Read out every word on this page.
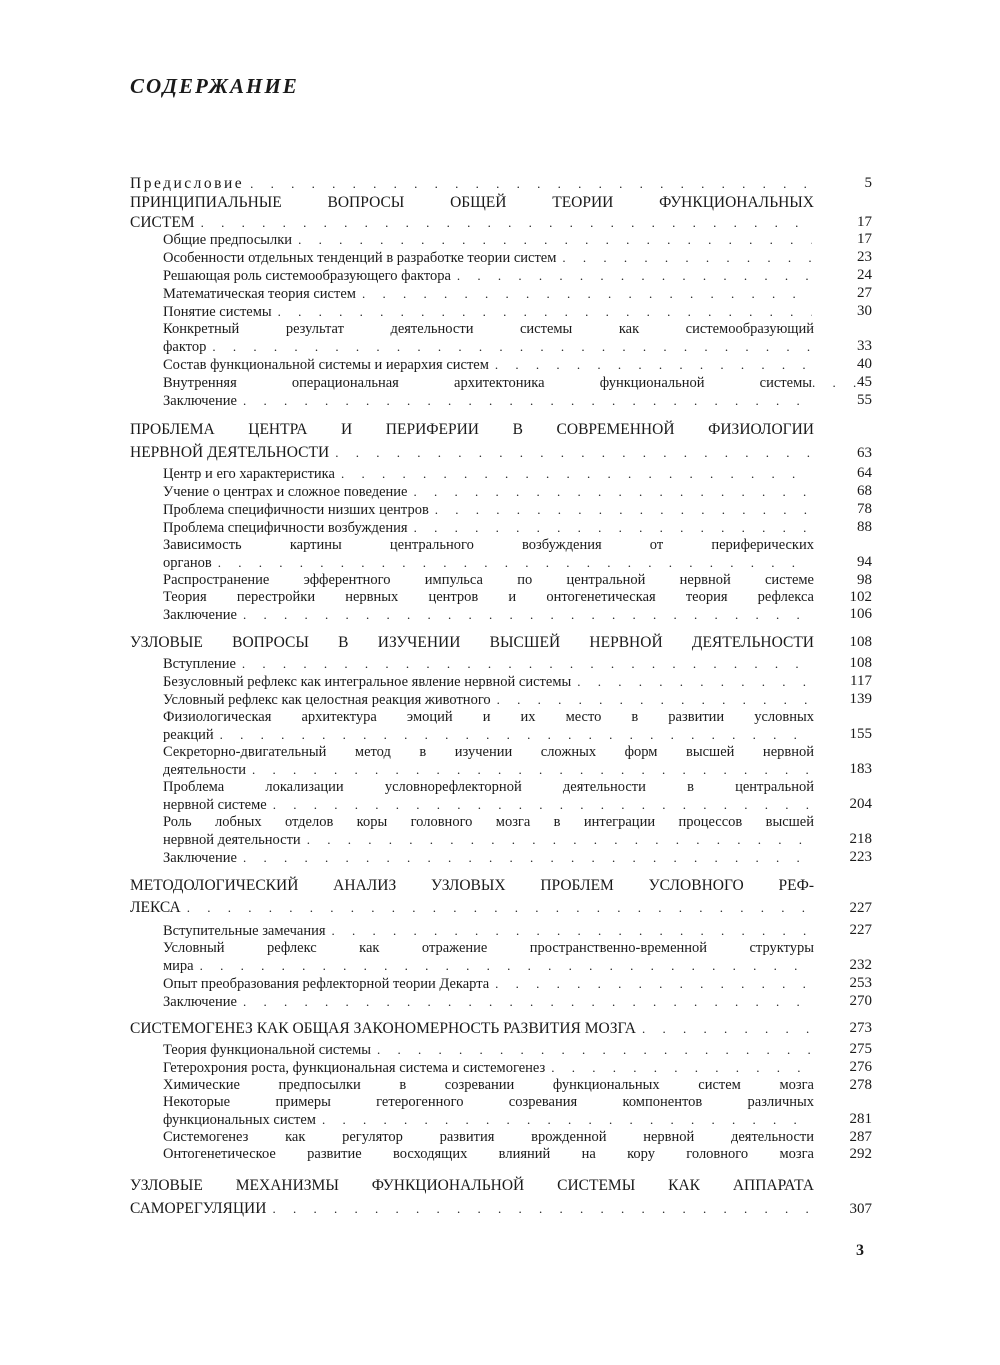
СОДЕРЖАНИЕ
Предисловие . . .	5
ПРИНЦИПИАЛЬНЫЕ ВОПРОСЫ ОБЩЕЙ ТЕОРИИ ФУНКЦИОНАЛЬНЫХ
СИСТЕМ . . .	17
Общие предпосылки . . .	17
Особенности отдельных тенденций в разработке теории систем . . .	23
Решающая роль системообразующего фактора . . .	24
Математическая теория систем . . .	27
Понятие системы . . .	30
Конкретный результат деятельности системы как системообразующий
фактор . . .	33
Состав функциональной системы и иерархия систем . . .	40
Внутренняя операциональная архитектоника функциональной системы . . .	45
Заключение . . .	55
ПРОБЛЕМА ЦЕНТРА И ПЕРИФЕРИИ В СОВРЕМЕННОЙ ФИЗИОЛОГИИ
НЕРВНОЙ ДЕЯТЕЛЬНОСТИ . . .	63
Центр и его характеристика . . .	64
Учение о центрах и сложное поведение . . .	68
Проблема специфичности низших центров . . .	78
Проблема специфичности возбуждения . . .	88
Зависимость картины центрального возбуждения от периферических
органов . . .	94
Распространение эфферентного импульса по центральной нервной системе	98
Теория перестройки нервных центров и онтогенетическая теория рефлекса	102
Заключение . . .	106
УЗЛОВЫЕ ВОПРОСЫ В ИЗУЧЕНИИ ВЫСШЕЙ НЕРВНОЙ ДЕЯТЕЛЬНОСТИ	108
Вступление . . .	108
Безусловный рефлекс как интегральное явление нервной системы . . .	117
Условный рефлекс как целостная реакция животного . . .	139
Физиологическая архитектура эмоций и их место в развитии условных
реакций . . .	155
Секреторно-двигательный метод в изучении сложных форм высшей нервной
деятельности . . .	183
Проблема локализации условнорефлекторной деятельности в центральной
нервной системе . . .	204
Роль лобных отделов коры головного мозга в интеграции процессов высшей
нервной деятельности . . .	218
Заключение . . .	223
МЕТОДОЛОГИЧЕСКИЙ АНАЛИЗ УЗЛОВЫХ ПРОБЛЕМ УСЛОВНОГО РЕФ-
ЛЕКСА . . .	227
Вступительные замечания . . .	227
Условный рефлекс как отражение пространственно-временной структуры
мира . . .	232
Опыт преобразования рефлекторной теории Декарта . . .	253
Заключение . . .	270
СИСТЕМОГЕНЕЗ КАК ОБЩАЯ ЗАКОНОМЕРНОСТЬ РАЗВИТИЯ МОЗГА . . .	273
Теория функциональной системы . . .	275
Гетерохрония роста, функциональная система и системогенез . . .	276
Химические предпосылки в созревании функциональных систем мозга	278
Некоторые примеры гетерогенного созревания компонентов различных
функциональных систем . . .	281
Системогенез как регулятор развития врожденной нервной деятельности	287
Онтогенетическое развитие восходящих влияний на кору головного мозга	292
УЗЛОВЫЕ МЕХАНИЗМЫ ФУНКЦИОНАЛЬНОЙ СИСТЕМЫ КАК АППАРАТА
САМОРЕГУЛЯЦИИ . . .	307
3
